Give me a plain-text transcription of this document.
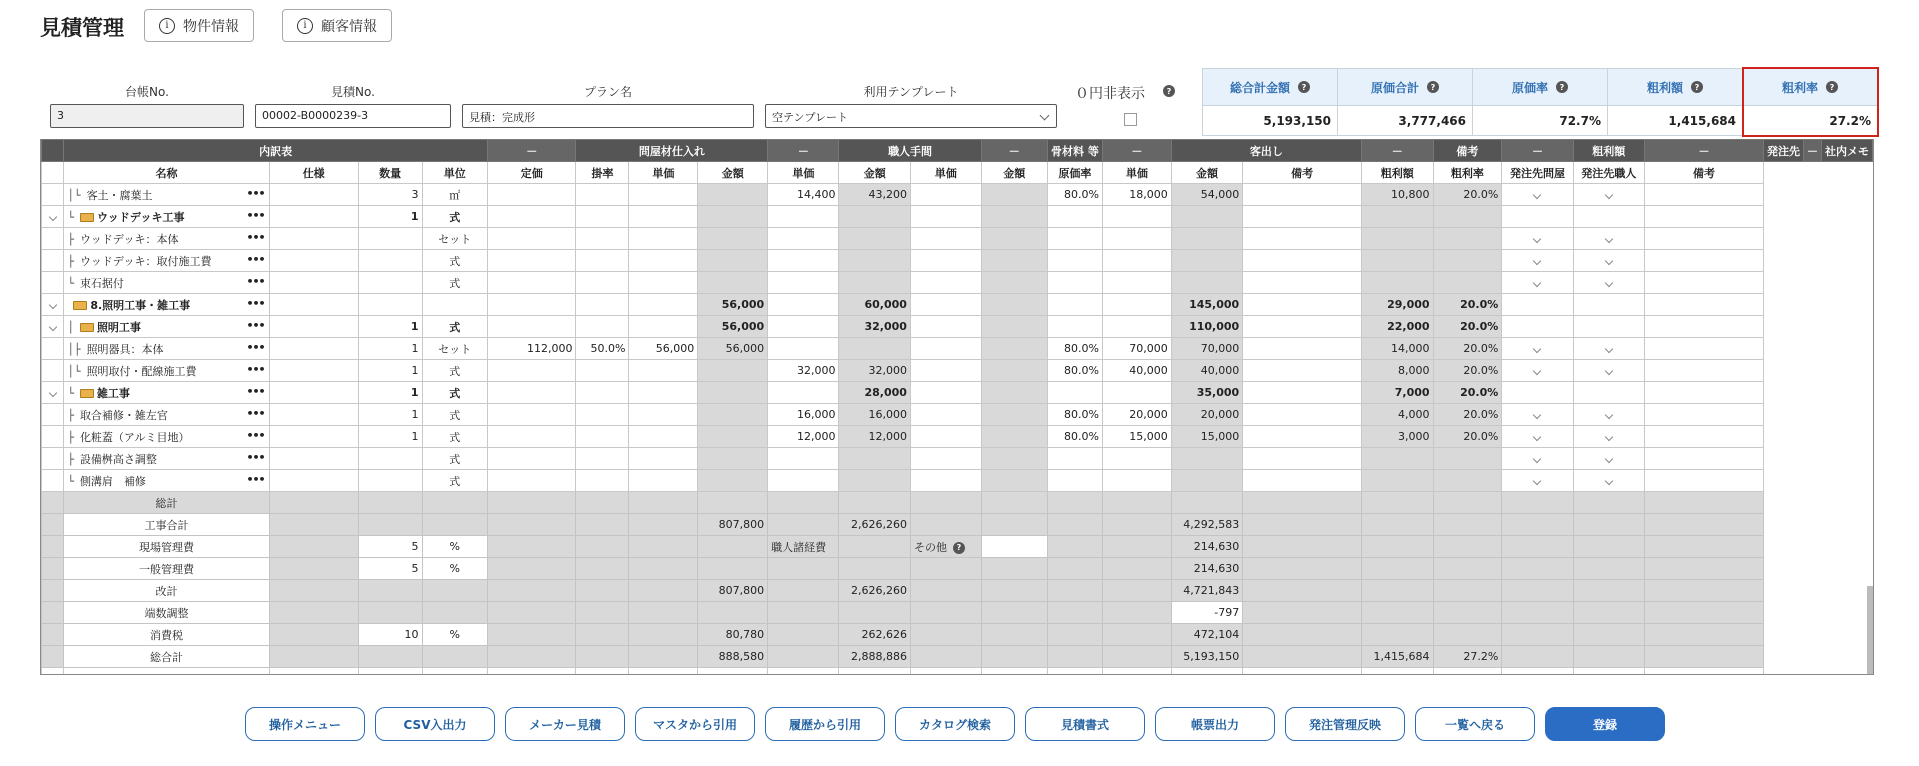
見積管理	i	物件情報	i	顧客情報
台帳No.
3
見積No.
00002-B0000239-3
プラン名
見積：完成形
利用テンプレート
空テンプレート
０円非表示	?	総合計金額	?
5,193,150
原価合計	?
3,777,466
原価率	?
72.7%
粗利額	?
1,415,684
粗利率	?
27.2%
	内訳表				－	問屋材仕入れ			－	職人手間		－	骨材料 等	－	客出し		－	備考	－	粗利額	－	発注先	－	社内メモ
	名称	仕様	数量	単位	定価	掛率	単価	金額	単価	金額	単価	金額	原価率	単価	金額	備考	粗利額	粗利率	発注先問屋	発注先職人	備考			
	│└ 客土・腐葉土 •••		3	㎡					14,400	43,200			80.0%	18,000	54,000		10,800	20.0%						
	└ ウッドデッキ工事 •••		1	式																				
	├ ウッドデッキ：本体 •••			セット																				
	├ ウッドデッキ：取付施工費 •••			式																				
	└ 束石据付 •••			式																				
	8.照明工事・雑工事 •••							56,000		60,000					145,000		29,000	20.0%						
	│ 照明工事 •••		1	式				56,000		32,000					110,000		22,000	20.0%						
	│├ 照明器具：本体 •••		1	セット	112,000	50.0%	56,000	56,000					80.0%	70,000	70,000		14,000	20.0%						
	│└ 照明取付・配線施工費 •••		1	式					32,000	32,000			80.0%	40,000	40,000		8,000	20.0%						
	└ 雑工事 •••		1	式						28,000					35,000		7,000	20.0%						
	├ 取合補修・雑左官 •••		1	式					16,000	16,000			80.0%	20,000	20,000		4,000	20.0%						
	├ 化粧蓋（アルミ目地） •••		1	式					12,000	12,000			80.0%	15,000	15,000		3,000	20.0%						
	├ 設備桝高さ調整 •••			式																				
	└ 側溝肩　補修 •••			式																				
	総計																							
	工事合計							807,800		2,626,260					4,292,583									
	現場管理費		5	%					職人諸経費		その他 ?				214,630									
	一般管理費		5	%											214,630									
	改計							807,800		2,626,260					4,721,843									
	端数調整														-797									
	消費税		10	%				80,780		262,626					472,104									
	総合計							888,580		2,888,886					5,193,150		1,415,684	27.2%						

操作メニュー	CSV入出力	メーカー見積	マスタから引用	履歴から引用	カタログ検索	見積書式	帳票出力	発注管理反映	一覧へ戻る	登録
